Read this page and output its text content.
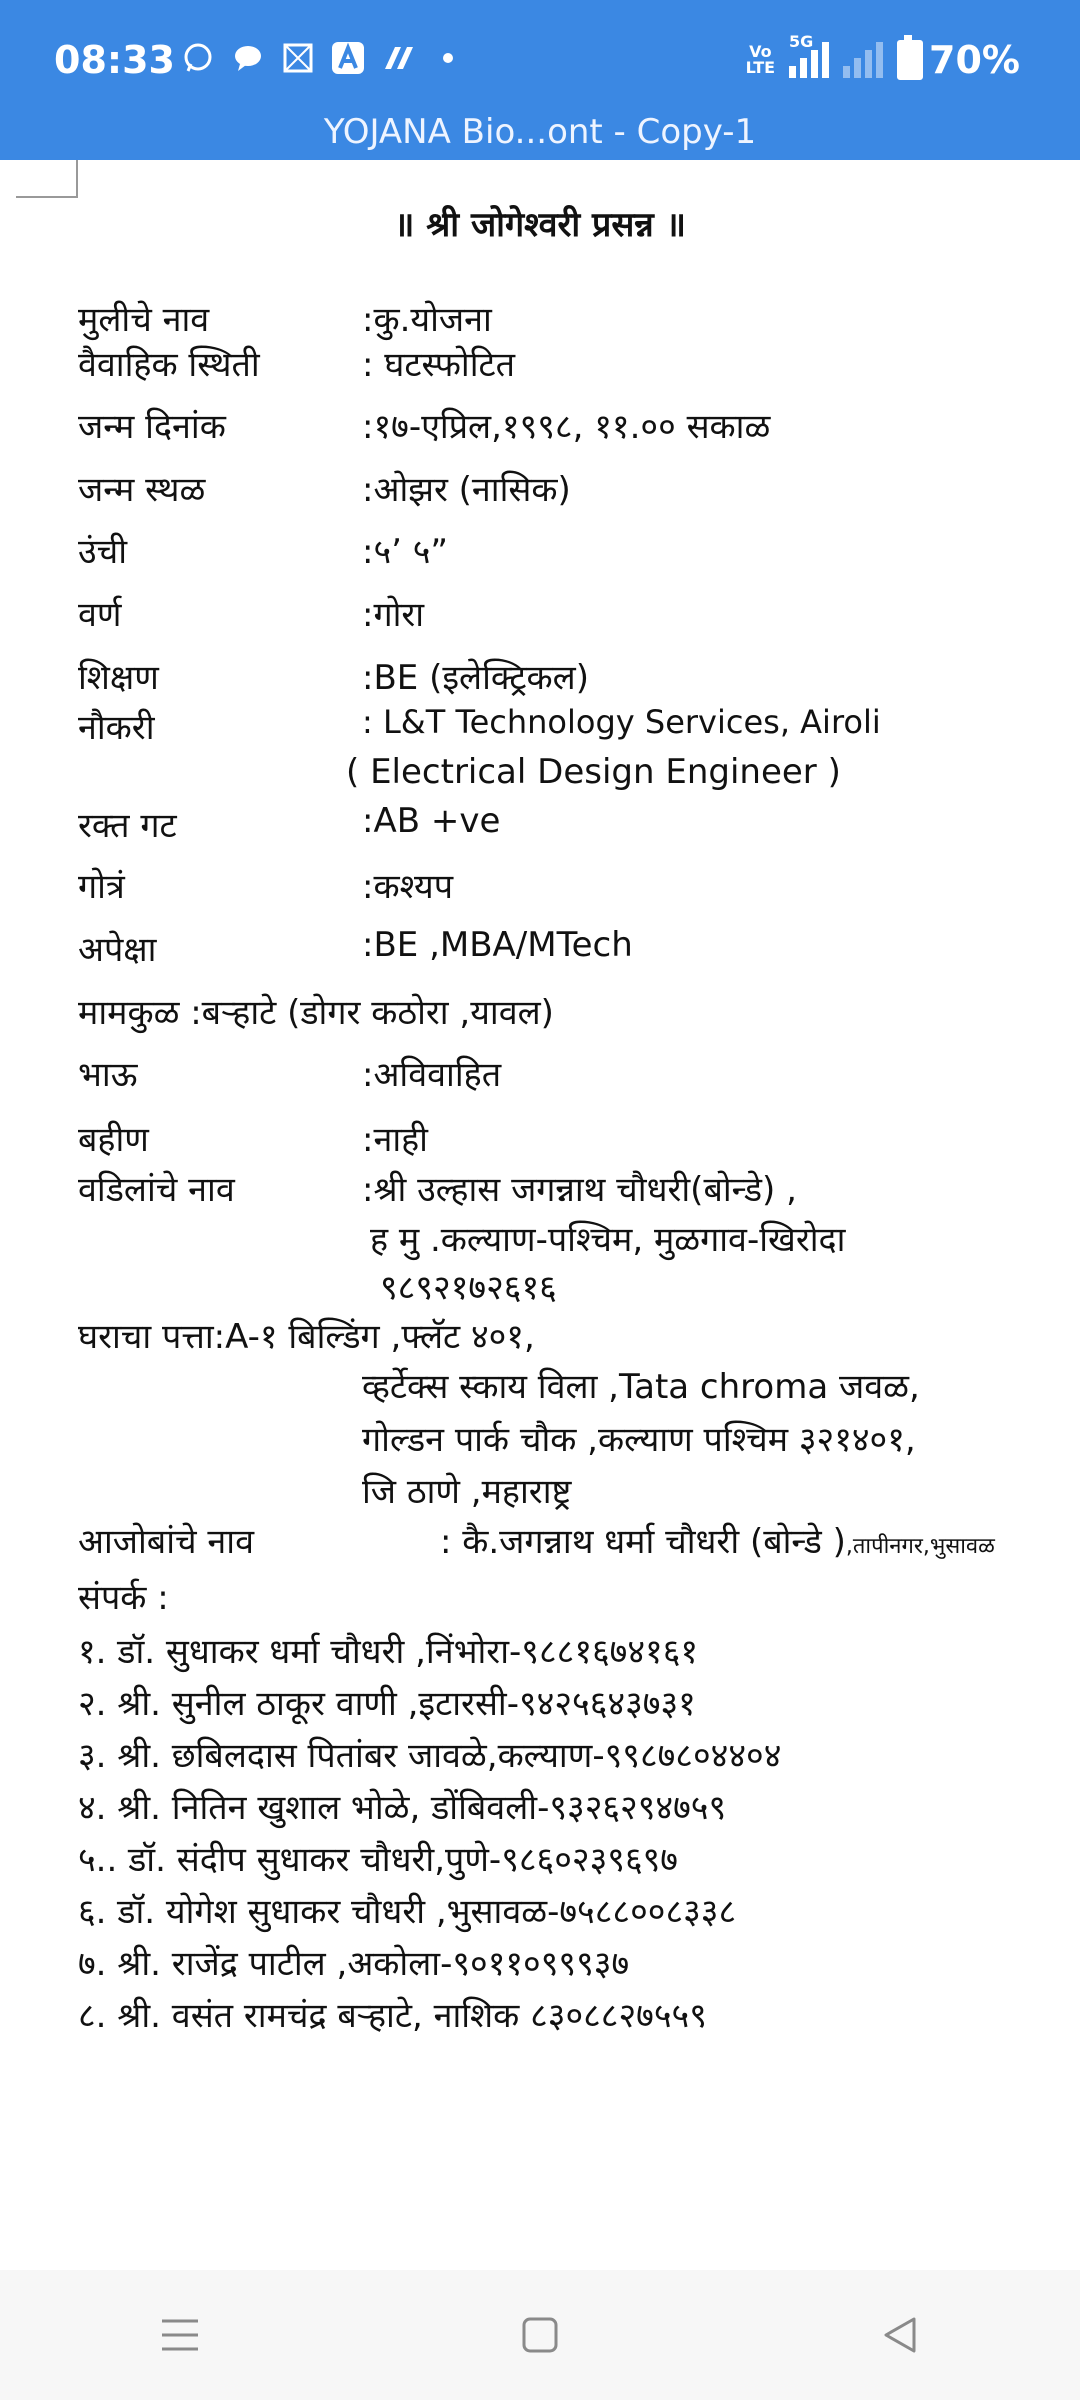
08:33	Vo
LTE
5G	70%
YOJANA Bio...ont - Copy-1
॥ श्री जोगेश्वरी प्रसन्न ॥
मुलीचे नाव	:कु.योजना
वैवाहिक स्थिती	: घटस्फोटित
जन्म दिनांक	:१७-एप्रिल,१९९८, ११.०० सकाळ
जन्म स्थळ	:ओझर (नासिक)
उंची	:५’ ५”
वर्ण	:गोरा
शिक्षण	:BE (इलेक्ट्रिकल)
नौकरी	: L&T Technology Services, Airoli
( Electrical Design Engineer )
रक्त गट	:AB +ve
गोत्रं	:कश्यप
अपेक्षा	:BE ,MBA/MTech
मामकुळ :बऱ्हाटे (डोगर कठोरा ,यावल)
भाऊ	:अविवाहित
बहीण	:नाही
वडिलांचे नाव	:श्री उल्हास जगन्नाथ चौधरी(बोन्डे) ,
ह मु .कल्याण-पश्चिम, मुळगाव-खिरोदा
९८९२१७२६१६
घराचा पत्ता:A-१ बिल्डिंग ,फ्लॅट ४०१,
व्हर्टेक्स स्काय विला ,Tata chroma जवळ,
गोल्डन पार्क चौक ,कल्याण पश्चिम ३२१४०१,
जि ठाणे ,महाराष्ट्र
आजोबांचे नाव	: कै.जगन्नाथ धर्मा चौधरी (बोन्डे ),तापीनगर,भुसावळ
संपर्क :
१. डॉ. सुधाकर धर्मा चौधरी ,निंभोरा-९८८१६७४१६१
२. श्री. सुनील ठाकूर वाणी ,इटारसी-९४२५६४३७३१
३. श्री. छबिलदास पितांबर जावळे,कल्याण-९९८७८०४४०४
४. श्री. नितिन खुशाल भोळे, डोंबिवली-९३२६२९४७५९
५.. डॉ. संदीप सुधाकर चौधरी,पुणे-९८६०२३९६९७
६. डॉ. योगेश सुधाकर चौधरी ,भुसावळ-७५८८००८३३८
७. श्री. राजेंद्र पाटील ,अकोला-९०११०९९९३७
८. श्री. वसंत रामचंद्र बऱ्हाटे, नाशिक ८३०८८२७५५९
